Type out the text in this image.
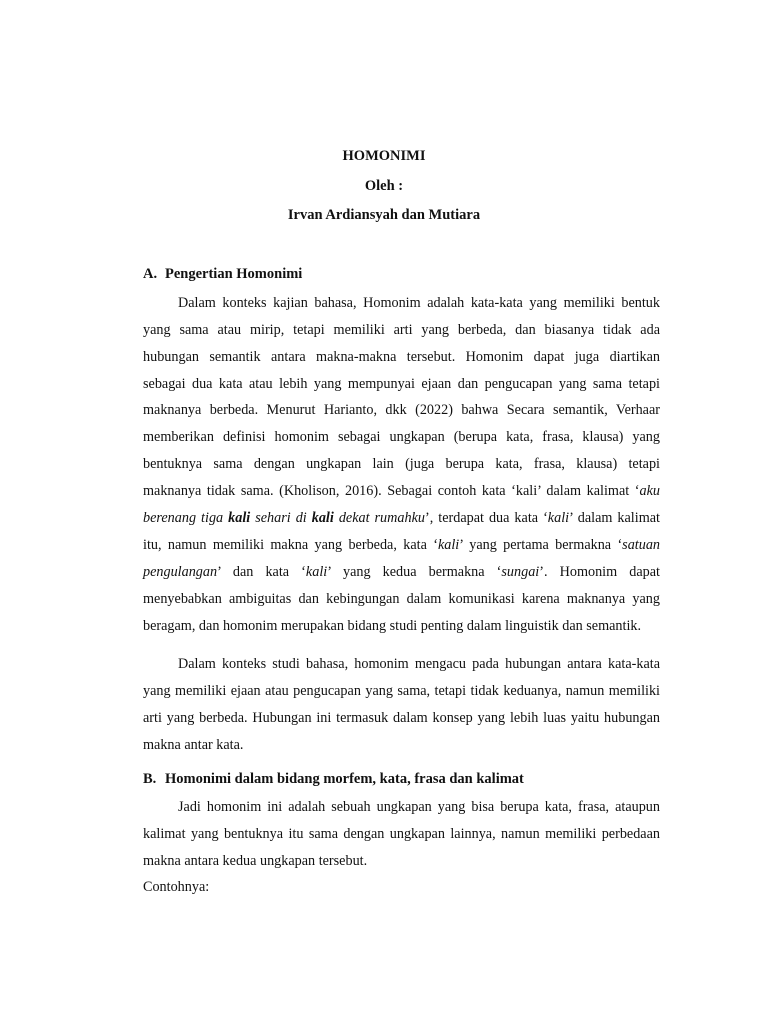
HOMONIMI
Oleh :
Irvan Ardiansyah dan Mutiara
A. Pengertian Homonimi
Dalam konteks kajian bahasa, Homonim adalah kata-kata yang memiliki bentuk
yang sama atau mirip, tetapi memiliki arti yang berbeda, dan biasanya tidak ada
hubungan semantik antara makna-makna tersebut. Homonim dapat juga diartikan
sebagai dua kata atau lebih yang mempunyai ejaan dan pengucapan yang sama tetapi
maknanya berbeda. Menurut Harianto, dkk (2022) bahwa Secara semantik, Verhaar
memberikan definisi homonim sebagai ungkapan (berupa kata, frasa, klausa) yang
bentuknya sama dengan ungkapan lain (juga berupa kata, frasa, klausa) tetapi
maknanya tidak sama. (Kholison, 2016). Sebagai contoh kata ‘kali’ dalam kalimat ‘aku
berenang tiga kali sehari di kali dekat rumahku’, terdapat dua kata ‘kali’ dalam kalimat
itu, namun memiliki makna yang berbeda, kata ‘kali’ yang pertama bermakna ‘satuan
pengulangan’ dan kata ‘kali’ yang kedua bermakna ‘sungai’. Homonim dapat
menyebabkan ambiguitas dan kebingungan dalam komunikasi karena maknanya yang
beragam, dan homonim merupakan bidang studi penting dalam linguistik dan semantik.
Dalam konteks studi bahasa, homonim mengacu pada hubungan antara kata-kata
yang memiliki ejaan atau pengucapan yang sama, tetapi tidak keduanya, namun memiliki
arti yang berbeda. Hubungan ini termasuk dalam konsep yang lebih luas yaitu hubungan
makna antar kata.
B. Homonimi dalam bidang morfem, kata, frasa dan kalimat
Jadi homonim ini adalah sebuah ungkapan yang bisa berupa kata, frasa, ataupun
kalimat yang bentuknya itu sama dengan ungkapan lainnya, namun memiliki perbedaan
makna antara kedua ungkapan tersebut.
Contohnya:
